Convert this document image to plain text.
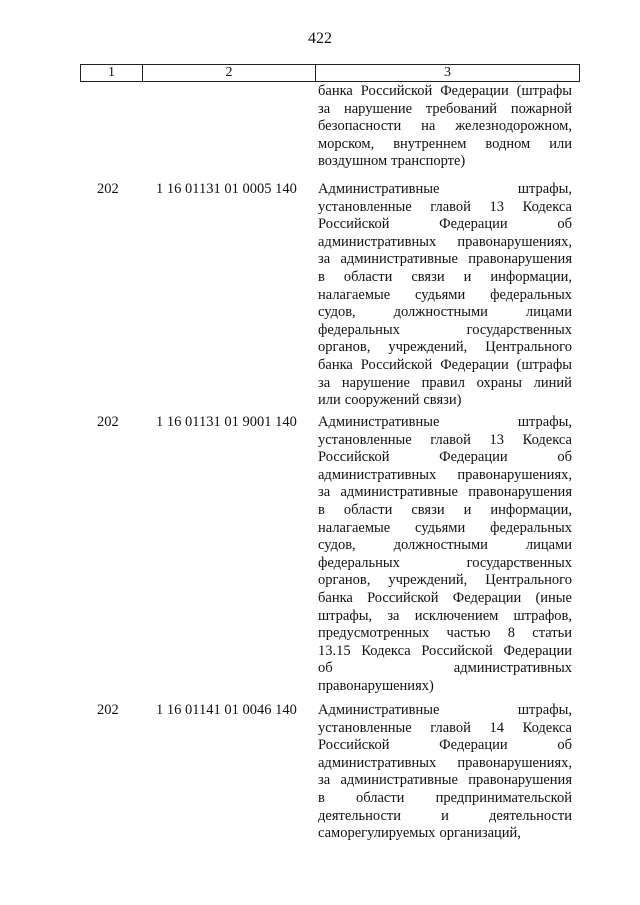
422
1	2	3
банка Российской Федерации (штрафы
за нарушение требований пожарной
безопасности на железнодорожном,
морском, внутреннем водном или
воздушном транспорте)
202	1 16 01131 01 0005 140 Административные	штрафы,
установленные главой 13 Кодекса
Российской	Федерации	об
административных правонарушениях,
за административные правонарушения
в области связи и информации,
налагаемые судьями федеральных
судов,	должностными	лицами
федеральных	государственных
органов, учреждений, Центрального
банка Российской Федерации (штрафы
за нарушение правил охраны линий
или сооружений связи)
202	1 16 01131 01 9001 140 Административные	штрафы,
установленные главой 13 Кодекса
Российской	Федерации	об
административных правонарушениях,
за административные правонарушения
в области связи и информации,
налагаемые судьями федеральных
судов,	должностными	лицами
федеральных	государственных
органов, учреждений, Центрального
банка Российской Федерации (иные
штрафы, за исключением штрафов,
предусмотренных частью 8 статьи
13.15 Кодекса Российской Федерации
об	административных
правонарушениях)
202	1 16 01141 01 0046 140 Административные	штрафы,
установленные главой 14 Кодекса
Российской	Федерации	об
административных правонарушениях,
за административные правонарушения
в области предпринимательской
деятельности	и	деятельности
саморегулируемых организаций,
